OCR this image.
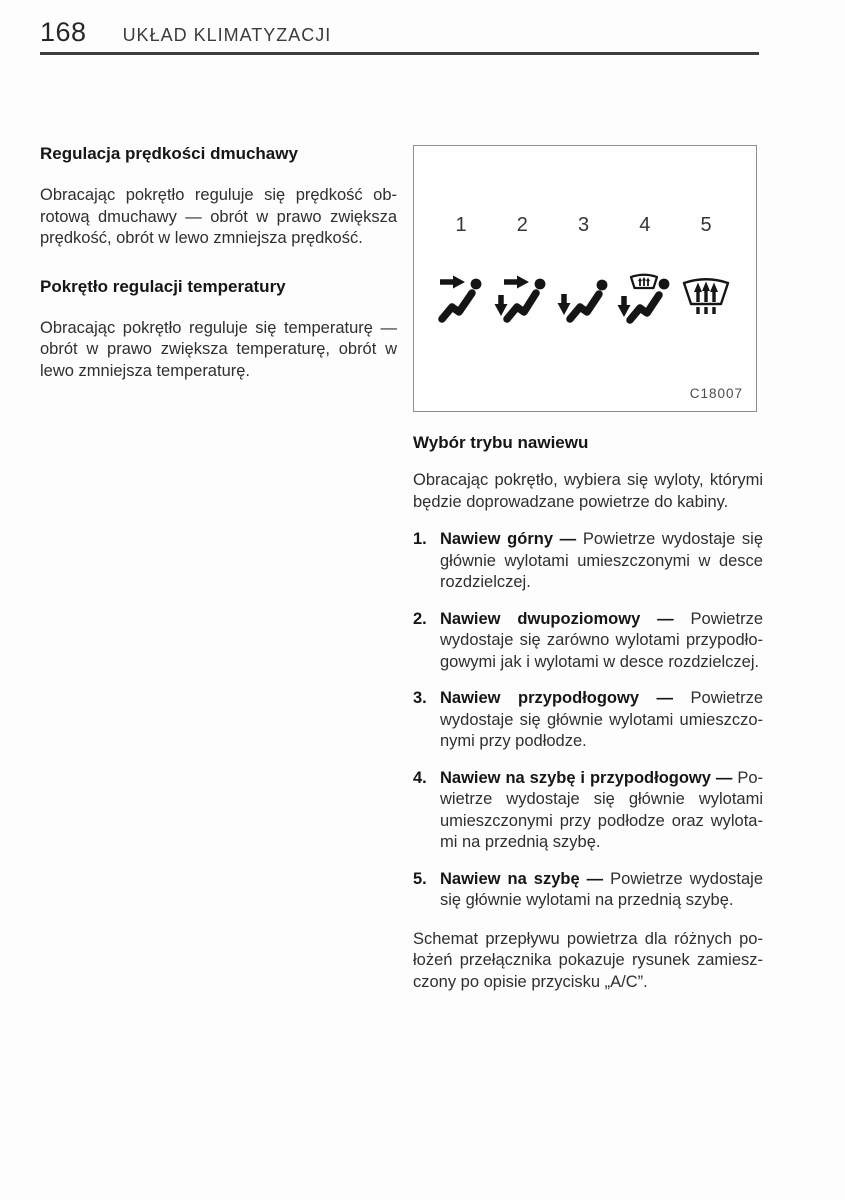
168 UKŁAD KLIMATYZACJI
Regulacja prędkości dmuchawy

Obracając pokrętło reguluje się prędkość obrotową dmuchawy — obrót w prawo zwiększa prędkość, obrót w lewo zmniejsza prędkość.

Pokrętło regulacji temperatury

Obracając pokrętło reguluje się temperaturę — obrót w prawo zwiększa temperaturę, obrót w lewo zmniejsza temperaturę.

1	2	3	4	5
C18007
Wybór trybu nawiewu

Obracając pokrętło, wybiera się wyloty, którymi będzie doprowadzane powietrze do kabiny.

1. Nawiew górny — Powietrze wydostaje się głównie wylotami umieszczonymi w desce rozdzielczej.
2. Nawiew dwupoziomowy — Powietrze wydostaje się zarówno wylotami przypodłogowymi jak i wylotami w desce rozdzielczej.
3. Nawiew przypodłogowy — Powietrze wydostaje się głównie wylotami umieszczonymi przy podłodze.
4. Nawiew na szybę i przypodłogowy — Powietrze wydostaje się głównie wylotami umieszczonymi przy podłodze oraz wylotami na przednią szybę.
5. Nawiew na szybę — Powietrze wydostaje się głównie wylotami na przednią szybę.

Schemat przepływu powietrza dla różnych położeń przełącznika pokazuje rysunek zamieszczony po opisie przycisku „A/C”.
